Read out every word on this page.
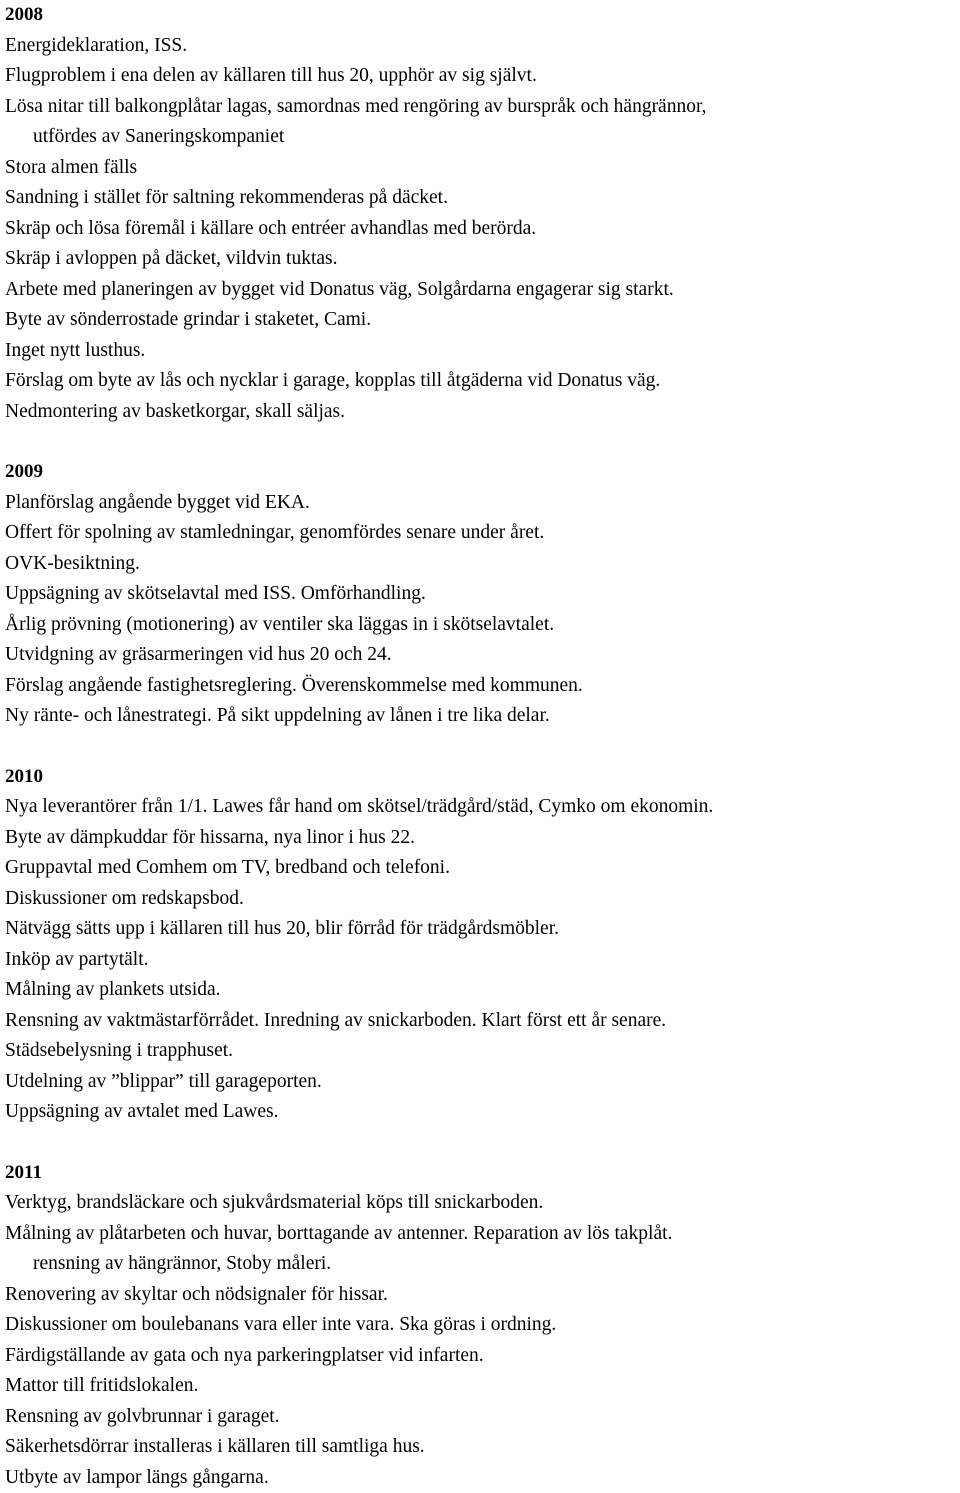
2008

Energideklaration, ISS.

Flugproblem i ena delen av källaren till hus 20, upphör av sig självt.

Lösa nitar till balkongplåtar lagas, samordnas med rengöring av burspråk och hängrännor,

utfördes av Saneringskompaniet

Stora almen fälls

Sandning i stället för saltning rekommenderas på däcket.

Skräp och lösa föremål i källare och entréer avhandlas med berörda.

Skräp i avloppen på däcket, vildvin tuktas.

Arbete med planeringen av bygget vid Donatus väg, Solgårdarna engagerar sig starkt.

Byte av sönderrostade grindar i staketet, Cami.

Inget nytt lusthus.

Förslag om byte av lås och nycklar i garage, kopplas till åtgäderna vid Donatus väg.

Nedmontering av basketkorgar, skall säljas.

2009

Planförslag angående bygget vid EKA.

Offert för spolning av stamledningar, genomfördes senare under året.

OVK-besiktning.

Uppsägning av skötselavtal med ISS. Omförhandling.

Årlig prövning (motionering) av ventiler ska läggas in i skötselavtalet.

Utvidgning av gräsarmeringen vid hus 20 och 24.

Förslag angående fastighetsreglering. Överenskommelse med kommunen.

Ny ränte- och lånestrategi. På sikt uppdelning av lånen i tre lika delar.

2010

Nya leverantörer från 1/1. Lawes får hand om skötsel/trädgård/städ, Cymko om ekonomin.

Byte av dämpkuddar för hissarna, nya linor i hus 22.

Gruppavtal med Comhem om TV, bredband och telefoni.

Diskussioner om redskapsbod.

Nätvägg sätts upp i källaren till hus 20, blir förråd för trädgårdsmöbler.

Inköp av partytält.

Målning av plankets utsida.

Rensning av vaktmästarförrådet. Inredning av snickarboden. Klart först ett år senare.

Städsebelysning i trapphuset.

Utdelning av ”blippar” till garageporten.

Uppsägning av avtalet med Lawes.

2011

Verktyg, brandsläckare och sjukvårdsmaterial köps till snickarboden.

Målning av plåtarbeten och huvar, borttagande av antenner. Reparation av lös takplåt.

rensning av hängrännor, Stoby måleri.

Renovering av skyltar och nödsignaler för hissar.

Diskussioner om boulebanans vara eller inte vara. Ska göras i ordning.

Färdigställande av gata och nya parkeringplatser vid infarten.

Mattor till fritidslokalen.

Rensning av golvbrunnar i garaget.

Säkerhetsdörrar installeras i källaren till samtliga hus.

Utbyte av lampor längs gångarna.
